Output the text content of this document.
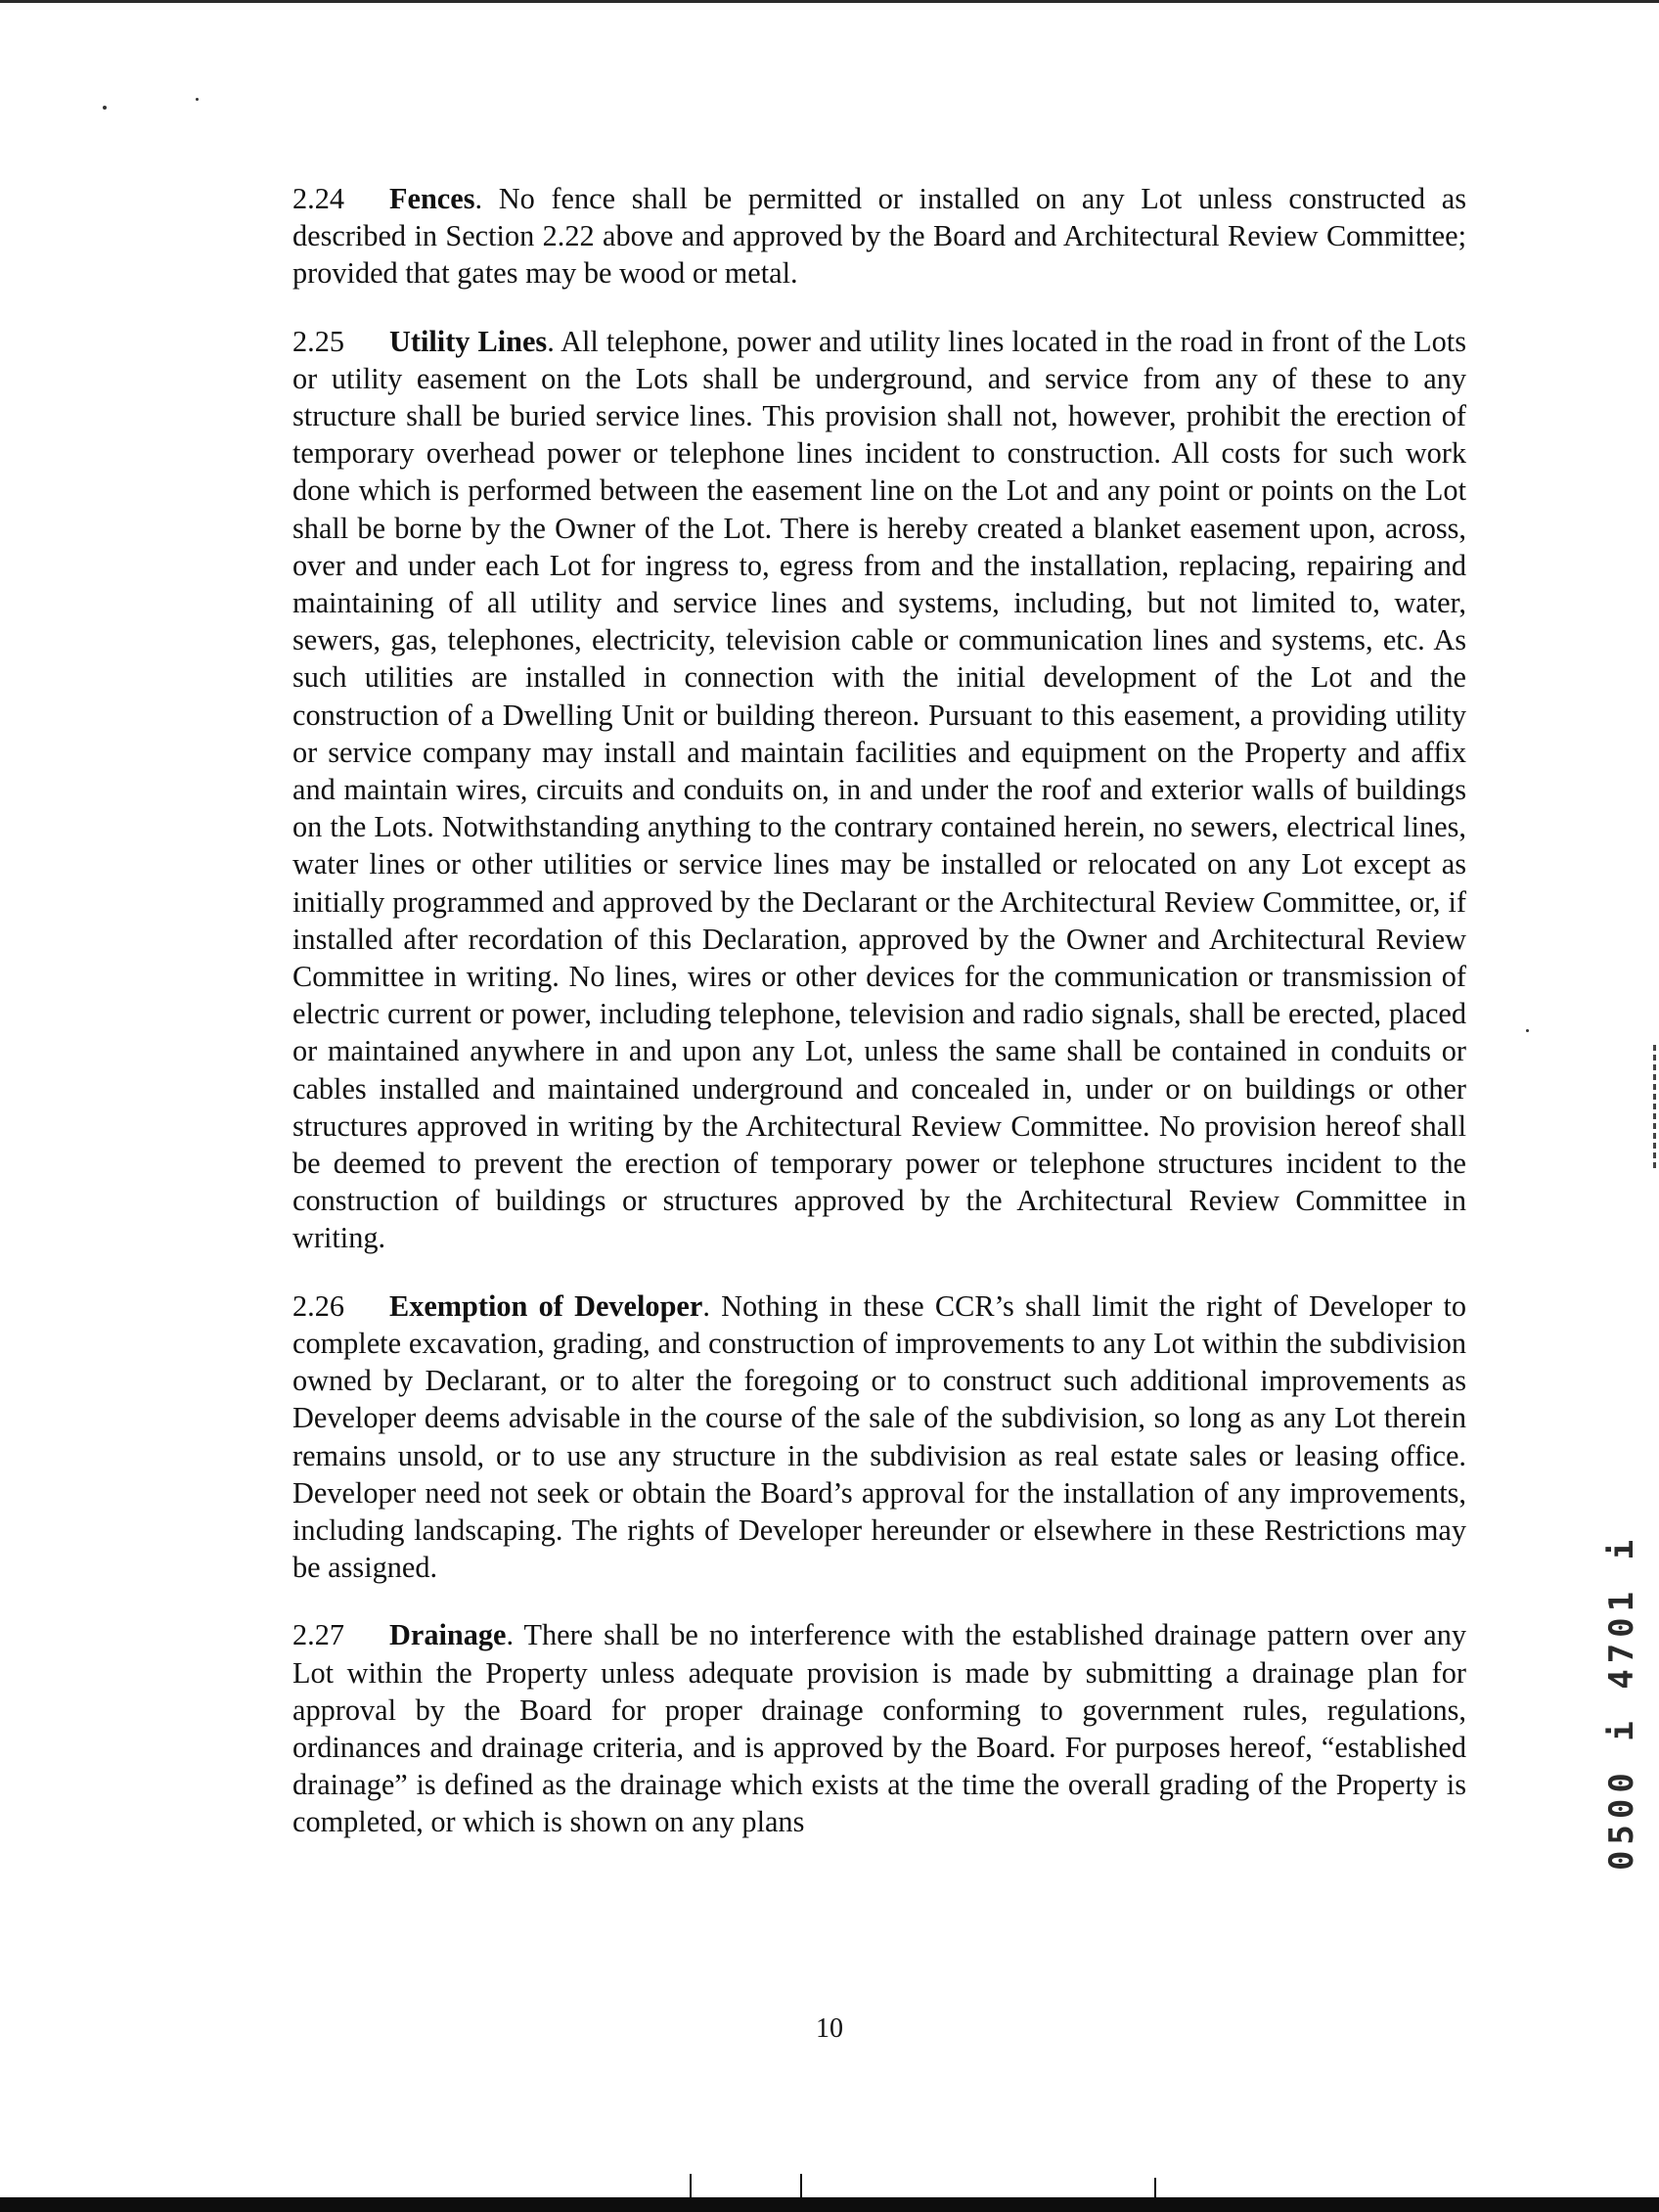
2.24 Fences. No fence shall be permitted or installed on any Lot unless constructed as described in Section 2.22 above and approved by the Board and Architectural Review Committee; provided that gates may be wood or metal.

2.25 Utility Lines. All telephone, power and utility lines located in the road in front of the Lots or utility easement on the Lots shall be underground, and service from any of these to any structure shall be buried service lines. This provision shall not, however, prohibit the erection of temporary overhead power or telephone lines incident to construction. All costs for such work done which is performed between the easement line on the Lot and any point or points on the Lot shall be borne by the Owner of the Lot. There is hereby created a blanket easement upon, across, over and under each Lot for ingress to, egress from and the installation, replacing, repairing and maintaining of all utility and service lines and systems, including, but not limited to, water, sewers, gas, telephones, electricity, television cable or communication lines and systems, etc. As such utilities are installed in connection with the initial development of the Lot and the construction of a Dwelling Unit or building thereon. Pursuant to this easement, a providing utility or service company may install and maintain facilities and equipment on the Property and affix and maintain wires, circuits and conduits on, in and under the roof and exterior walls of buildings on the Lots. Notwithstanding anything to the contrary contained herein, no sewers, electrical lines, water lines or other utilities or service lines may be installed or relocated on any Lot except as initially programmed and approved by the Declarant or the Architectural Review Committee, or, if installed after recordation of this Declaration, approved by the Owner and Architectural Review Committee in writing. No lines, wires or other devices for the communication or transmission of electric current or power, including telephone, television and radio signals, shall be erected, placed or maintained anywhere in and upon any Lot, unless the same shall be contained in conduits or cables installed and maintained underground and concealed in, under or on buildings or other structures approved in writing by the Architectural Review Committee. No provision hereof shall be deemed to prevent the erection of temporary power or telephone structures incident to the construction of buildings or structures approved by the Architectural Review Committee in writing.

2.26 Exemption of Developer. Nothing in these CCR’s shall limit the right of Developer to complete excavation, grading, and construction of improvements to any Lot within the subdivision owned by Declarant, or to alter the foregoing or to construct such additional improvements as Developer deems advisable in the course of the sale of the subdivision, so long as any Lot therein remains unsold, or to use any structure in the subdivision as real estate sales or leasing office. Developer need not seek or obtain the Board’s approval for the installation of any improvements, including landscaping. The rights of Developer hereunder or elsewhere in these Restrictions may be assigned.

2.27 Drainage. There shall be no interference with the established drainage pattern over any Lot within the Property unless adequate provision is made by submitting a drainage plan for approval by the Board for proper drainage conforming to government rules, regulations, ordinances and drainage criteria, and is approved by the Board. For purposes hereof, “established drainage” is defined as the drainage which exists at the time the overall grading of the Property is completed, or which is shown on any plans

10
0500 i 4701 i
